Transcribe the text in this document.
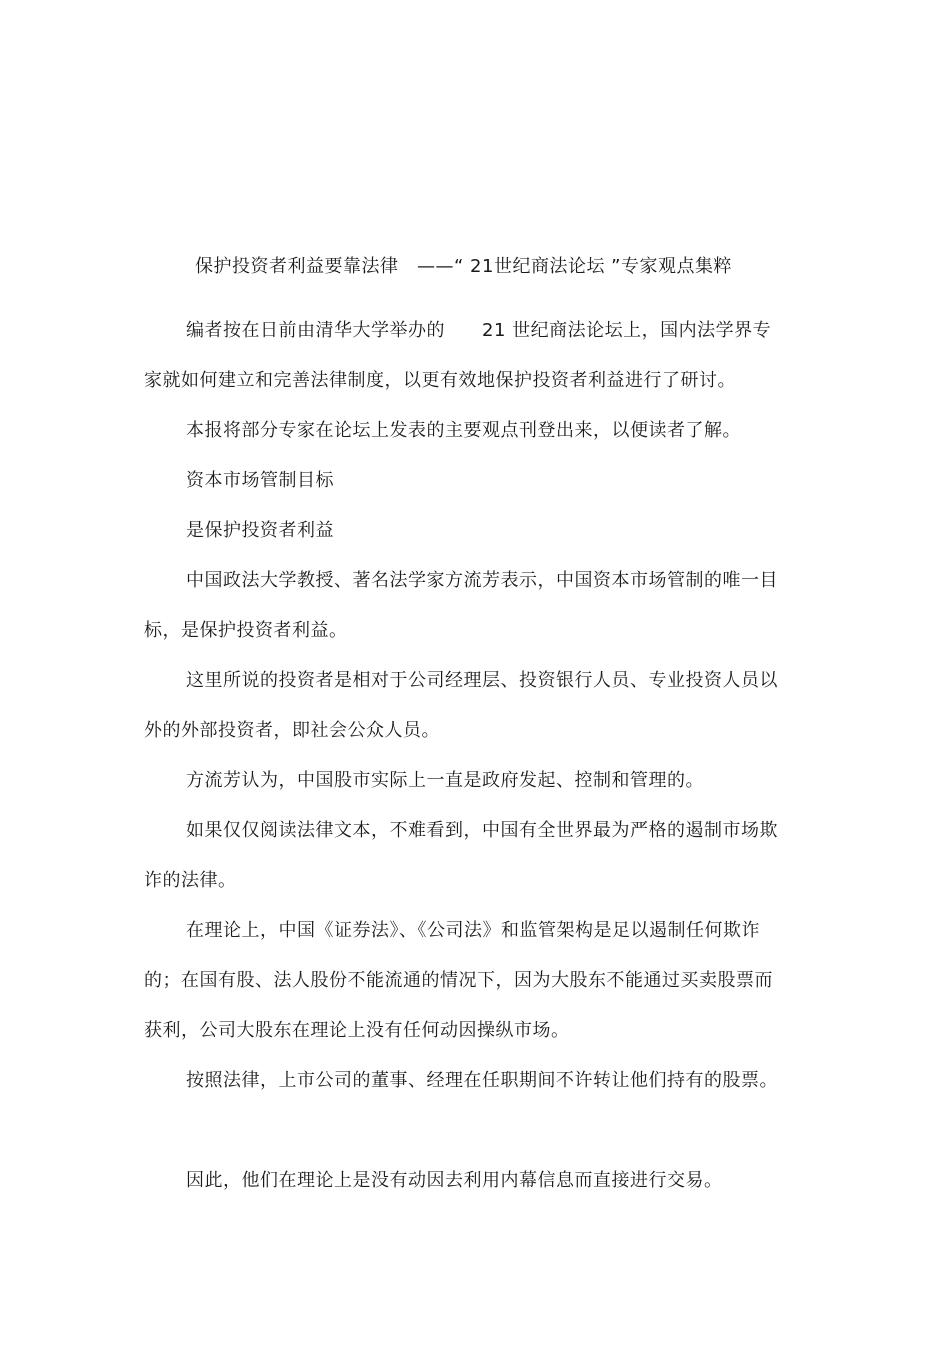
保护投资者利益要靠法律　——“ 21世纪商法论坛 ”专家观点集粹

编者按在日前由清华大学举办的　　21 世纪商法论坛上，国内法学界专家就如何建立和完善法律制度，以更有效地保护投资者利益进行了研讨。

本报将部分专家在论坛上发表的主要观点刊登出来，以便读者了解。

资本市场管制目标

是保护投资者利益

中国政法大学教授、著名法学家方流芳表示，中国资本市场管制的唯一目标，是保护投资者利益。

这里所说的投资者是相对于公司经理层、投资银行人员、专业投资人员以外的外部投资者，即社会公众人员。

方流芳认为，中国股市实际上一直是政府发起、控制和管理的。

如果仅仅阅读法律文本，不难看到，中国有全世界最为严格的遏制市场欺诈的法律。

在理论上，中国《证券法》、《公司法》和监管架构是足以遏制任何欺诈的；在国有股、法人股份不能流通的情况下，因为大股东不能通过买卖股票而获利，公司大股东在理论上没有任何动因操纵市场。

按照法律，上市公司的董事、经理在任职期间不许转让他们持有的股票。

因此，他们在理论上是没有动因去利用内幕信息而直接进行交易。
